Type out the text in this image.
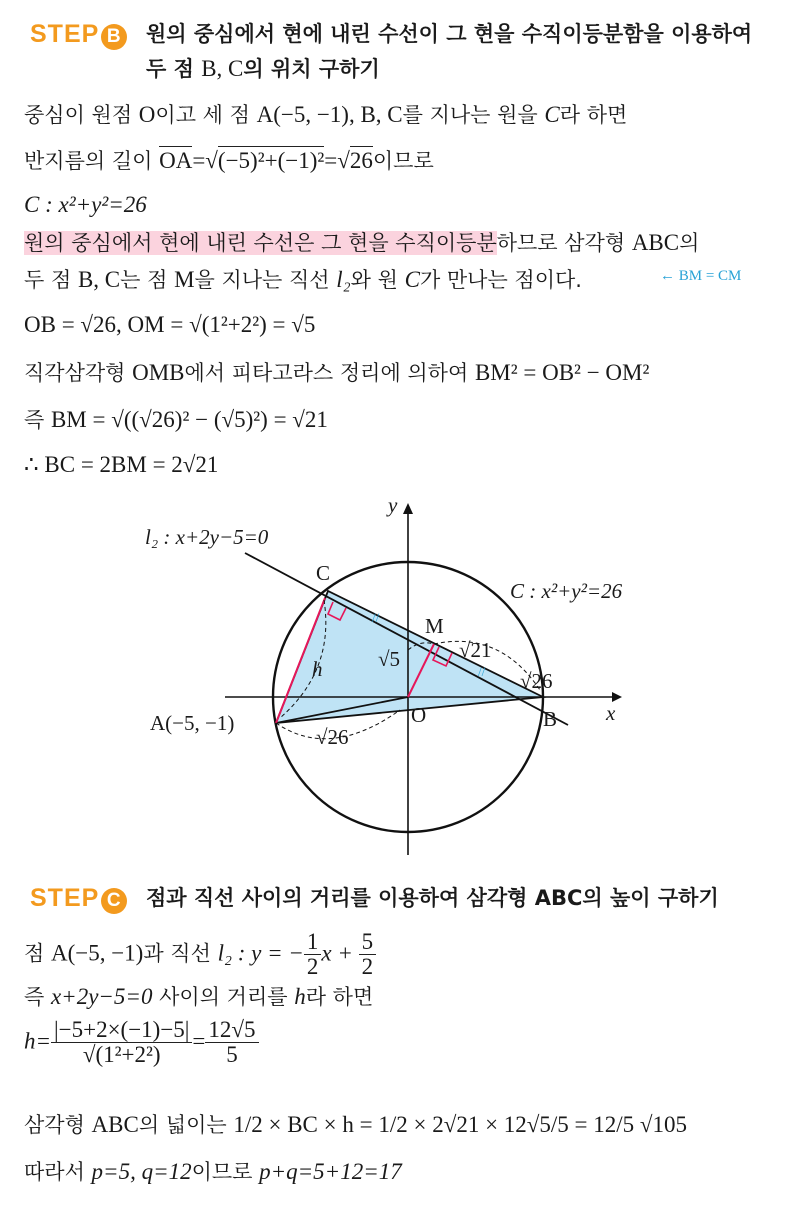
STEP B 원의 중심에서 현에 내린 수선이 그 현을 수직이등분함을 이용하여
두 점 B, C의 위치 구하기
중심이 원점 O이고 세 점 A(−5, −1), B, C를 지나는 원을 C라 하면
반지름의 길이 OA=√(−5)²+(−1)²=√26이므로
C : x²+y²=26
원의 중심에서 현에 내린 수선은 그 현을 수직이등분하므로 삼각형 ABC의
두 점 B, C는 점 M을 지나는 직선 l₂와 원 C가 만나는 점이다.	← BM = CM
OB = √26, OM = √(1²+2²) = √5
직각삼각형 OMB에서 피타고라스 정리에 의하여 BM² = OB² − OM²
즉 BM = √((√26)² − (√5)²) = √21
∴ BC = 2BM = 2√21
//
//
l₂ : x+2y−5=0
C : x²+y²=26
x
y
A(−5, −1)	B
C
M
O
h	√5	√21
√26
√26
STEP C 점과 직선 사이의 거리를 이용하여 삼각형 ABC의 높이 구하기
점 A(−5, −1)과 직선 l₂ : y = − $\frac{1}{2}$ $x + \frac{5}{2}$
즉 x+2y−5=0 사이의 거리를 h라 하면
$h= \frac{|-5+2\times(-1)-5|}{\text{√(1²+2²)}} = \frac{12√5}{5}$
삼각형 ABC의 넓이는 1/2 × BC × h = 1/2 × 2√21 × 12√5/5 = 12/5 √105
따라서 p=5, q=12이므로 p+q=5+12=17
